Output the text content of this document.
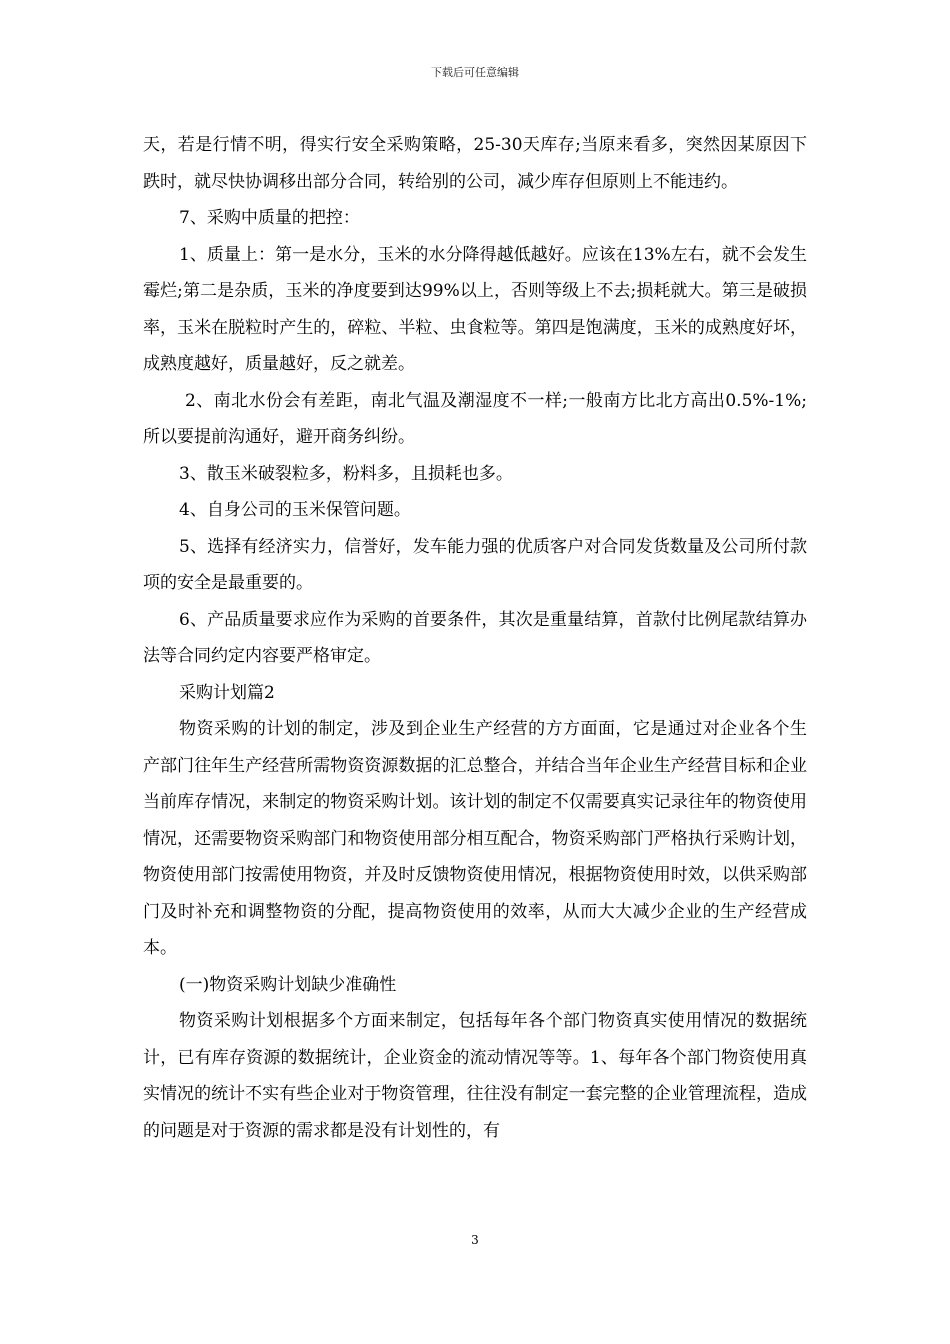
下载后可任意编辑

天，若是行情不明，得实行安全采购策略，25-30天库存;当原来看多，突然因某原因下跌时，就尽快协调移出部分合同，转给别的公司，减少库存但原则上不能违约。

7、采购中质量的把控：

1、质量上：第一是水分，玉米的水分降得越低越好。应该在13%左右，就不会发生霉烂;第二是杂质，玉米的净度要到达99%以上，否则等级上不去;损耗就大。第三是破损率，玉米在脱粒时产生的，碎粒、半粒、虫食粒等。第四是饱满度，玉米的成熟度好坏，成熟度越好，质量越好，反之就差。

2、南北水份会有差距，南北气温及潮湿度不一样;一般南方比北方高出0.5%-1%;所以要提前沟通好，避开商务纠纷。

3、散玉米破裂粒多，粉料多，且损耗也多。

4、自身公司的玉米保管问题。

5、选择有经济实力，信誉好，发车能力强的优质客户对合同发货数量及公司所付款项的安全是最重要的。

6、产品质量要求应作为采购的首要条件，其次是重量结算，首款付比例尾款结算办法等合同约定内容要严格审定。

采购计划篇2

物资采购的计划的制定，涉及到企业生产经营的方方面面，它是通过对企业各个生产部门往年生产经营所需物资资源数据的汇总整合，并结合当年企业生产经营目标和企业当前库存情况，来制定的物资采购计划。该计划的制定不仅需要真实记录往年的物资使用情况，还需要物资采购部门和物资使用部分相互配合，物资采购部门严格执行采购计划，物资使用部门按需使用物资，并及时反馈物资使用情况，根据物资使用时效，以供采购部门及时补充和调整物资的分配，提高物资使用的效率，从而大大减少企业的生产经营成本。

(一)物资采购计划缺少准确性

物资采购计划根据多个方面来制定，包括每年各个部门物资真实使用情况的数据统计，已有库存资源的数据统计，企业资金的流动情况等等。1、每年各个部门物资使用真实情况的统计不实有些企业对于物资管理，往往没有制定一套完整的企业管理流程，造成的问题是对于资源的需求都是没有计划性的，有

3
